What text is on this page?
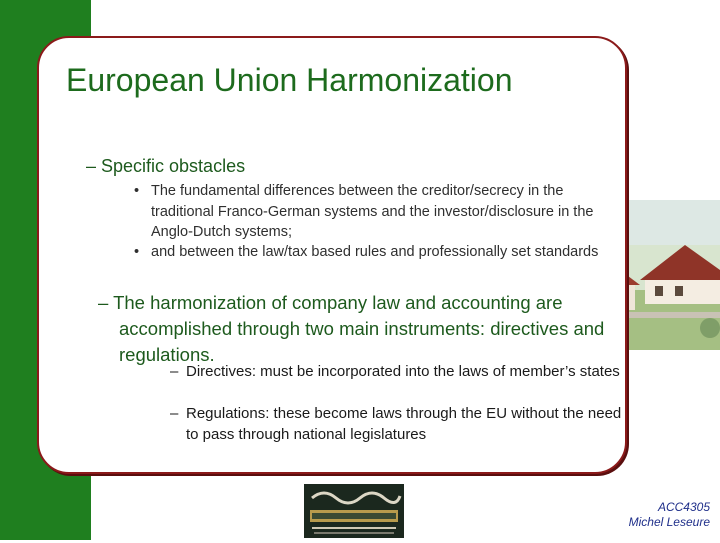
European Union Harmonization
– Specific obstacles
• The fundamental differences between the creditor/secrecy in the traditional Franco-German systems and the investor/disclosure in the Anglo-Dutch systems;
• and between the law/tax based rules and professionally set standards
– The harmonization of company law and accounting are accomplished through two main instruments: directives and regulations.
– Directives: must be incorporated into the laws of member’s states
– Regulations: these become laws through the EU without the need to pass through national legislatures
ACC4305
Michel Leseure
